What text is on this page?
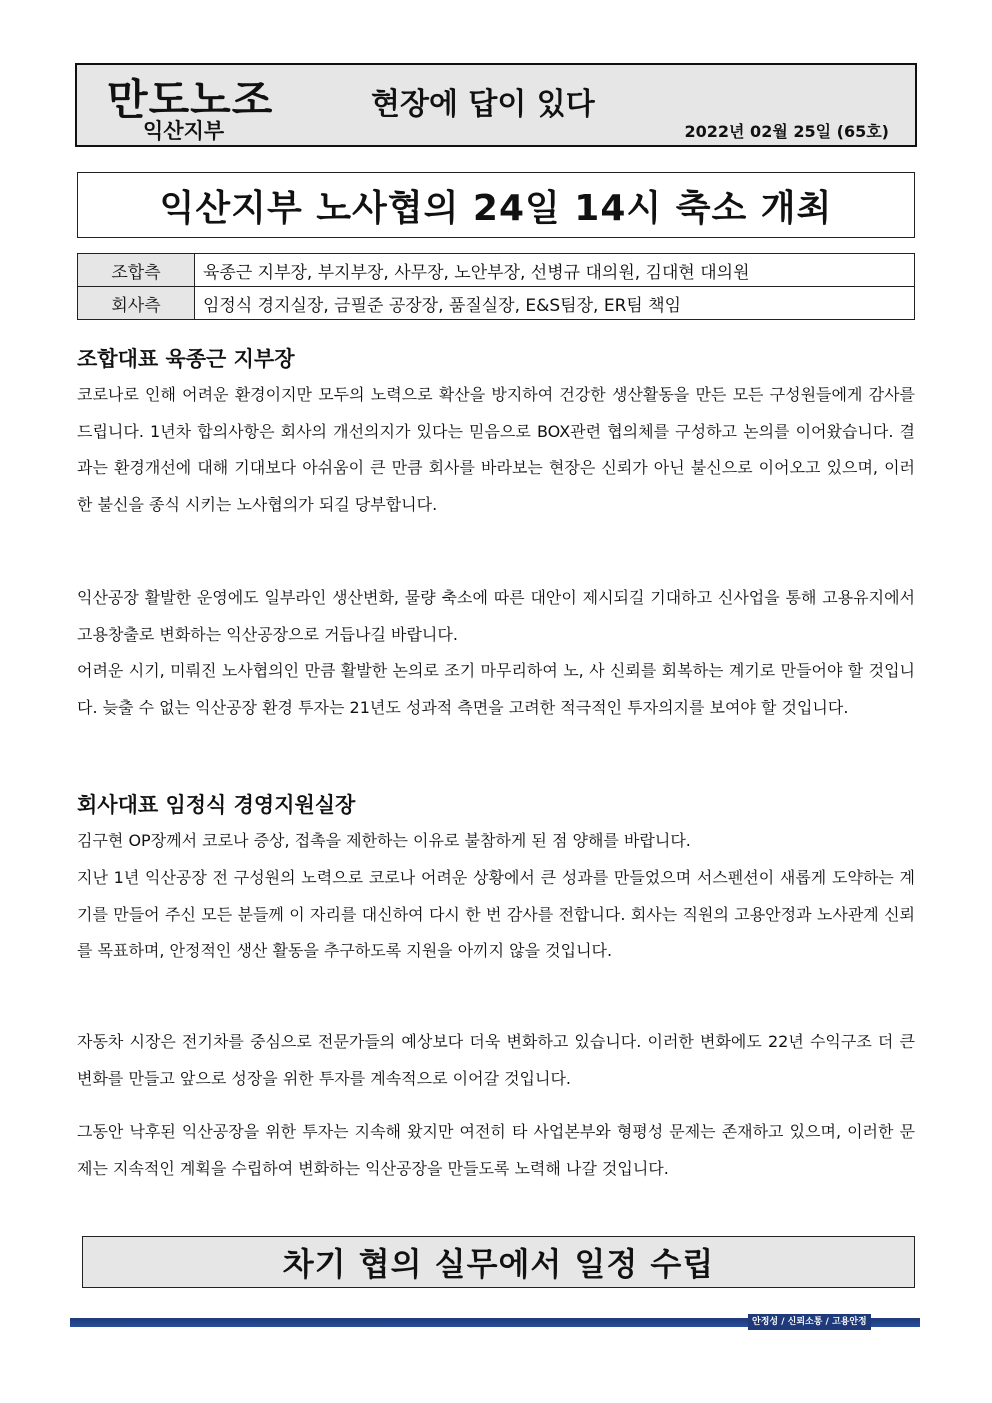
만도노조
익산지부
현장에 답이 있다
2022년 02월 25일 (65호)
익산지부 노사협의 24일 14시 축소 개최
조합측	육종근 지부장, 부지부장, 사무장, 노안부장, 선병규 대의원, 김대현 대의원
회사측	임정식 경지실장, 금필준 공장장, 품질실장, E&S팀장, ER팀 책임
조합대표 육종근 지부장

코로나로 인해 어려운 환경이지만 모두의 노력으로 확산을 방지하여 건강한 생산활동을 만든 모든 구성원들에게 감사를 드립니다. 1년차 합의사항은 회사의 개선의지가 있다는 믿음으로 BOX관련 협의체를 구성하고 논의를 이어왔습니다. 결과는 환경개선에 대해 기대보다 아쉬움이 큰 만큼 회사를 바라보는 현장은 신뢰가 아닌 불신으로 이어오고 있으며, 이러한 불신을 종식 시키는 노사협의가 되길 당부합니다.

익산공장 활발한 운영에도 일부라인 생산변화, 물량 축소에 따른 대안이 제시되길 기대하고 신사업을 통해 고용유지에서 고용창출로 변화하는 익산공장으로 거듭나길 바랍니다.

어려운 시기, 미뤄진 노사협의인 만큼 활발한 논의로 조기 마무리하여 노, 사 신뢰를 회복하는 계기로 만들어야 할 것입니다. 늦출 수 없는 익산공장 환경 투자는 21년도 성과적 측면을 고려한 적극적인 투자의지를 보여야 할 것입니다.

회사대표 임정식 경영지원실장

김구현 OP장께서 코로나 증상, 접촉을 제한하는 이유로 불참하게 된 점 양해를 바랍니다.

지난 1년 익산공장 전 구성원의 노력으로 코로나 어려운 상황에서 큰 성과를 만들었으며 서스펜션이 새롭게 도약하는 계기를 만들어 주신 모든 분들께 이 자리를 대신하여 다시 한 번 감사를 전합니다. 회사는 직원의 고용안정과 노사관계 신뢰를 목표하며, 안정적인 생산 활동을 추구하도록 지원을 아끼지 않을 것입니다.

자동차 시장은 전기차를 중심으로 전문가들의 예상보다 더욱 변화하고 있습니다. 이러한 변화에도 22년 수익구조 더 큰 변화를 만들고 앞으로 성장을 위한 투자를 계속적으로 이어갈 것입니다.

그동안 낙후된 익산공장을 위한 투자는 지속해 왔지만 여전히 타 사업본부와 형평성 문제는 존재하고 있으며, 이러한 문제는 지속적인 계획을 수립하여 변화하는 익산공장을 만들도록 노력해 나갈 것입니다.

차기 협의 실무에서 일정 수립
안정성 / 신뢰소통 / 고용안정
